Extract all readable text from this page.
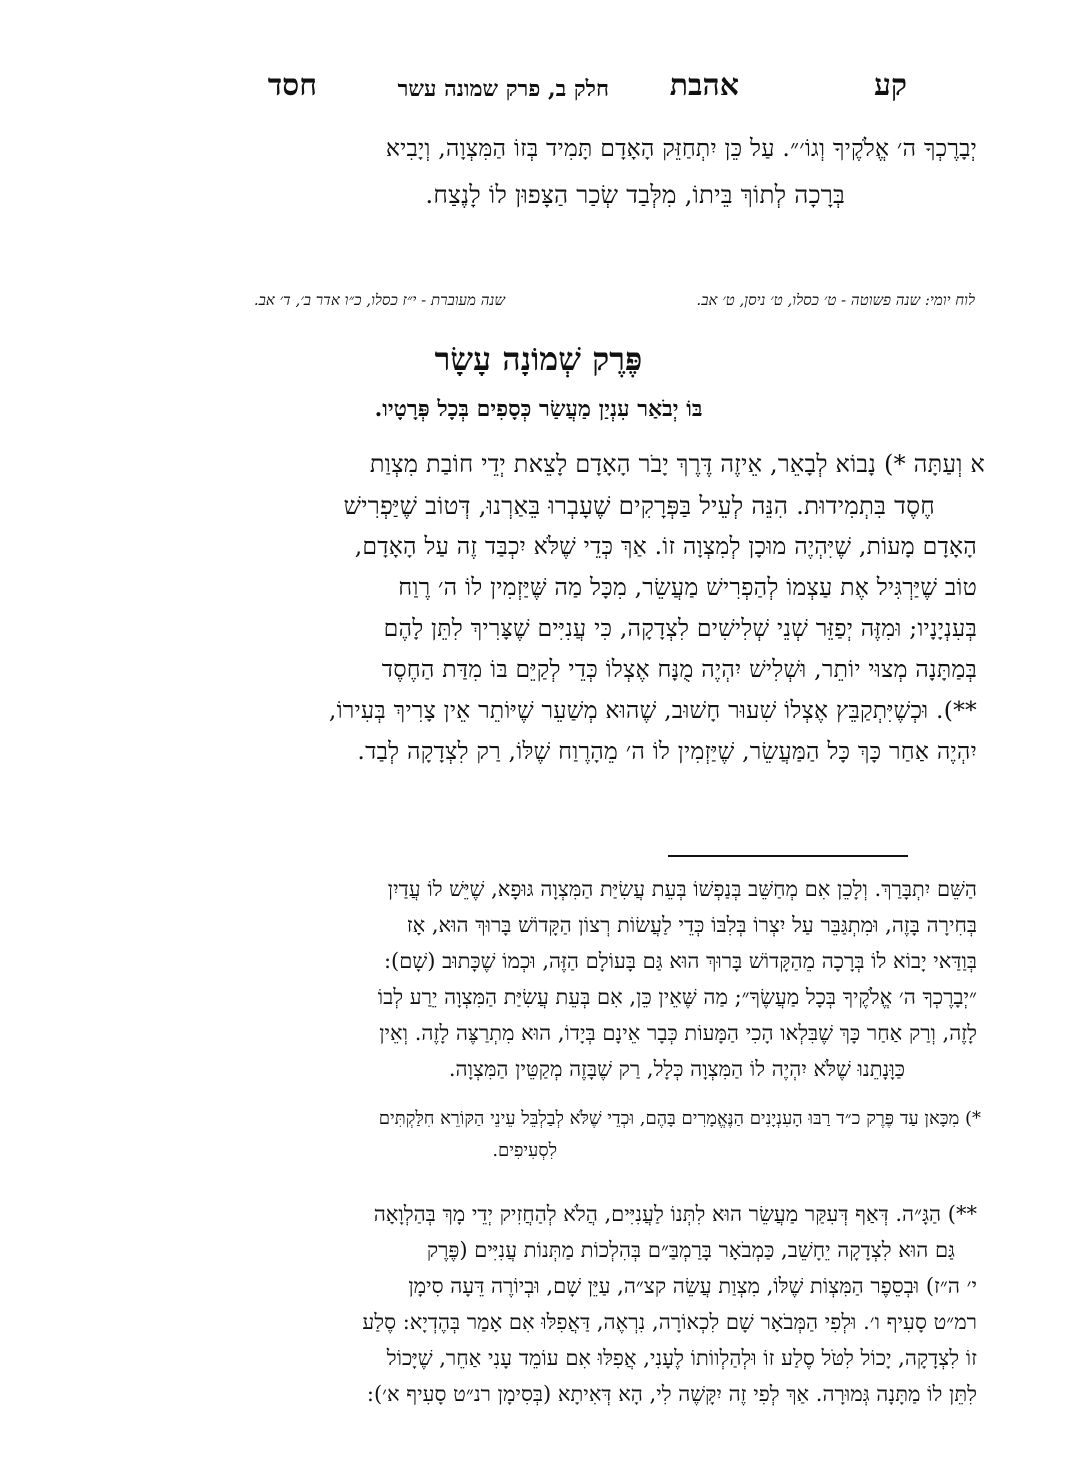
קע
אהבת
חלק ב, פרק שמונה עשר
חסד
יְבָרֶכְךָ ה׳ אֱלֹקֶיךָ וְגוֹ׳״. עַל כֵּן יִתְחַזֵּק הָאָדָם תָּמִיד בְּזוֹ הַמִּצְוָה, וְיָבִיא
בְּרָכָה לְתוֹךְ בֵּיתוֹ, מִלְּבַד שְׂכַר הַצָּפוּן לוֹ לָנֶצַח.
לוח יומי: שנה פשוטה - ט׳ כסלו, ט׳ ניסן, ט׳ אב.
שנה מעוברת - י״ז כסלו, כ״ו אדר ב׳, ד׳ אב.
פֶּרֶק שְׁמוֹנָה עָשָׂר
בּוֹ יְבֹאַר עִנְיַן מַעֲשַׂר כְּסָפִים בְּכָל פְּרָטָיו.
א וְעַתָּה *) נָבוֹא לְבָאֵר, אֵיזֶה דֶּרֶךְ יָבֹר הָאָדָם לָצֵאת יְדֵי חוֹבַת מִצְוַת
חֶסֶד בִּתְמִידוּת. הִנֵּה לְעֵיל בַּפְּרָקִים שֶׁעָבְרוּ בֵּאַרְנוּ, דְּטוֹב שֶׁיַּפְרִישׁ
הָאָדָם מָעוֹת, שֶׁיִּהְיֶה מוּכָן לְמִצְוָה זוֹ. אַךְ כְּדֵי שֶׁלֹּא יִכְבַּד זֶה עַל הָאָדָם,
טוֹב שֶׁיַּרְגִּיל אֶת עַצְמוֹ לְהַפְרִישׁ מַעֲשֵׂר, מִכָּל מַה שֶּׁיַּזְמִין לוֹ ה׳ רֶוַח
בְּעִנְיָנָיו; וּמִזֶּה יְפַזֵּר שְׁנֵי שְׁלִישִׁים לִצְדָקָה, כִּי עֲנִיִּים שֶׁצָּרִיךְ לִתֵּן לָהֶם
בְּמַתָּנָה מְצוּי יוֹתֵר, וּשְׁלִישׁ יִהְיֶה מֻנָּח אֶצְלוֹ כְּדֵי לְקַיֵּם בּוֹ מִדַּת הַחֶסֶד
**). וּכְשֶׁיִּתְקַבֵּץ אֶצְלוֹ שִׁעוּר חָשׁוּב, שֶׁהוּא מְשַׁעֵר שֶׁיּוֹתֵר אֵין צָרִיךְ בְּעִירוֹ,
יִהְיֶה אַחַר כָּךְ כָּל הַמַּעֲשֵׂר, שֶׁיַּזְמִין לוֹ ה׳ מֵהָרֶוַח שֶׁלּוֹ, רַק לִצְדָקָה לְבַד.
הַשֵּׁם יִתְבָּרַךְ. וְלָכֵן אִם מְחַשֵּׁב בְּנַפְשׁוֹ בְּעֵת עֲשִׂיַּת הַמִּצְוָה גּוּפָא, שֶׁיֵּשׁ לוֹ עֲדַיִן
בְּחִירָה בָּזֶה, וּמִתְגַּבֵּר עַל יִצְרוֹ בְּלִבּוֹ כְּדֵי לַעֲשׂוֹת רְצוֹן הַקָּדוֹשׁ בָּרוּךְ הוּא, אָז
בְּוַדַּאי יָבוֹא לוֹ בְּרָכָה מֵהַקָּדוֹשׁ בָּרוּךְ הוּא גַּם בָּעוֹלָם הַזֶּה, וּכְמוֹ שֶׁכָּתוּב (שָׁם):
״יְבָרֶכְךָ ה׳ אֱלֹקֶיךָ בְּכָל מַעֲשֶׂךָ״; מַה שֶּׁאֵין כֵּן, אִם בְּעֵת עֲשִׂיַּת הַמִּצְוָה יֵרַע לְבוֹ
לָזֶה, וְרַק אַחַר כָּךְ שֶׁבִּלְאו הָכִי הַמָּעוֹת כְּבָר אֵינָם בְּיָדוֹ, הוּא מִתְרַצֶּה לָזֶה. וְאֵין
כַּוָּנָתֵנוּ שֶׁלֹּא יִהְיֶה לוֹ הַמִּצְוָה כְּלָל, רַק שֶׁבָּזֶה מְקַטֵּין הַמִּצְוָה.
*) מִכָּאן עַד פֶּרֶק כ״ד רַבּוּ הָעִנְיָנִים הַנֶּאֱמָרִים בָּהֶם, וּכְדֵי שֶׁלֹּא לְבַלְבֵּל עֵינֵי הַקּוֹרֵא חִלַּקְתִּים
לִסְעִיפִים.
**) הַגָּ״ה. דְּאַף דְּעִקַּר מַעֲשֵׂר הוּא לִתְּנוֹ לַעֲנִיִּים, הֲלֹא לְהַחֲזִיק יְדֵי מָךְ בְּהַלְוָאָה
גַּם הוּא לִצְדָקָה יֵחָשֵׁב, כַּמְבֹאָר בָּרַמְבַּ״ם בְּהִלְכוֹת מַתְּנוֹת עֲנִיִּים (פֶּרֶק
י׳ ה״ז) וּבְסֵפֶר הַמִּצְוֹת שֶׁלּוֹ, מִצְוַת עֲשֵׂה קצ״ה, עַיֵּן שָׁם, וּבְיוֹרֶה דֵּעָה סִימָן
רמ״ט סָעִיף ו׳. וּלְפִי הַמְּבֹאָר שָׁם לִכְאוֹרָה, נִרְאֶה, דַּאֲפִלּוּ אִם אָמַר בְּהֶדְיָא: סֶלַע
זוֹ לִצְדָקָה, יָכוֹל לִטֹּל סֶלַע זוֹ וּלְהַלְווֹתוֹ לֶעָנִי, אֲפִלּוּ אִם עוֹמֵד עָנִי אַחֵר, שֶׁיָּכוֹל
לִתֵּן לוֹ מַתָּנָה גְּמוּרָה. אַךְ לְפִי זֶה יִקָּשֶׁה לִי, הָא דְּאִיתָא (בְּסִימָן רנ״ט סָעִיף א׳):
